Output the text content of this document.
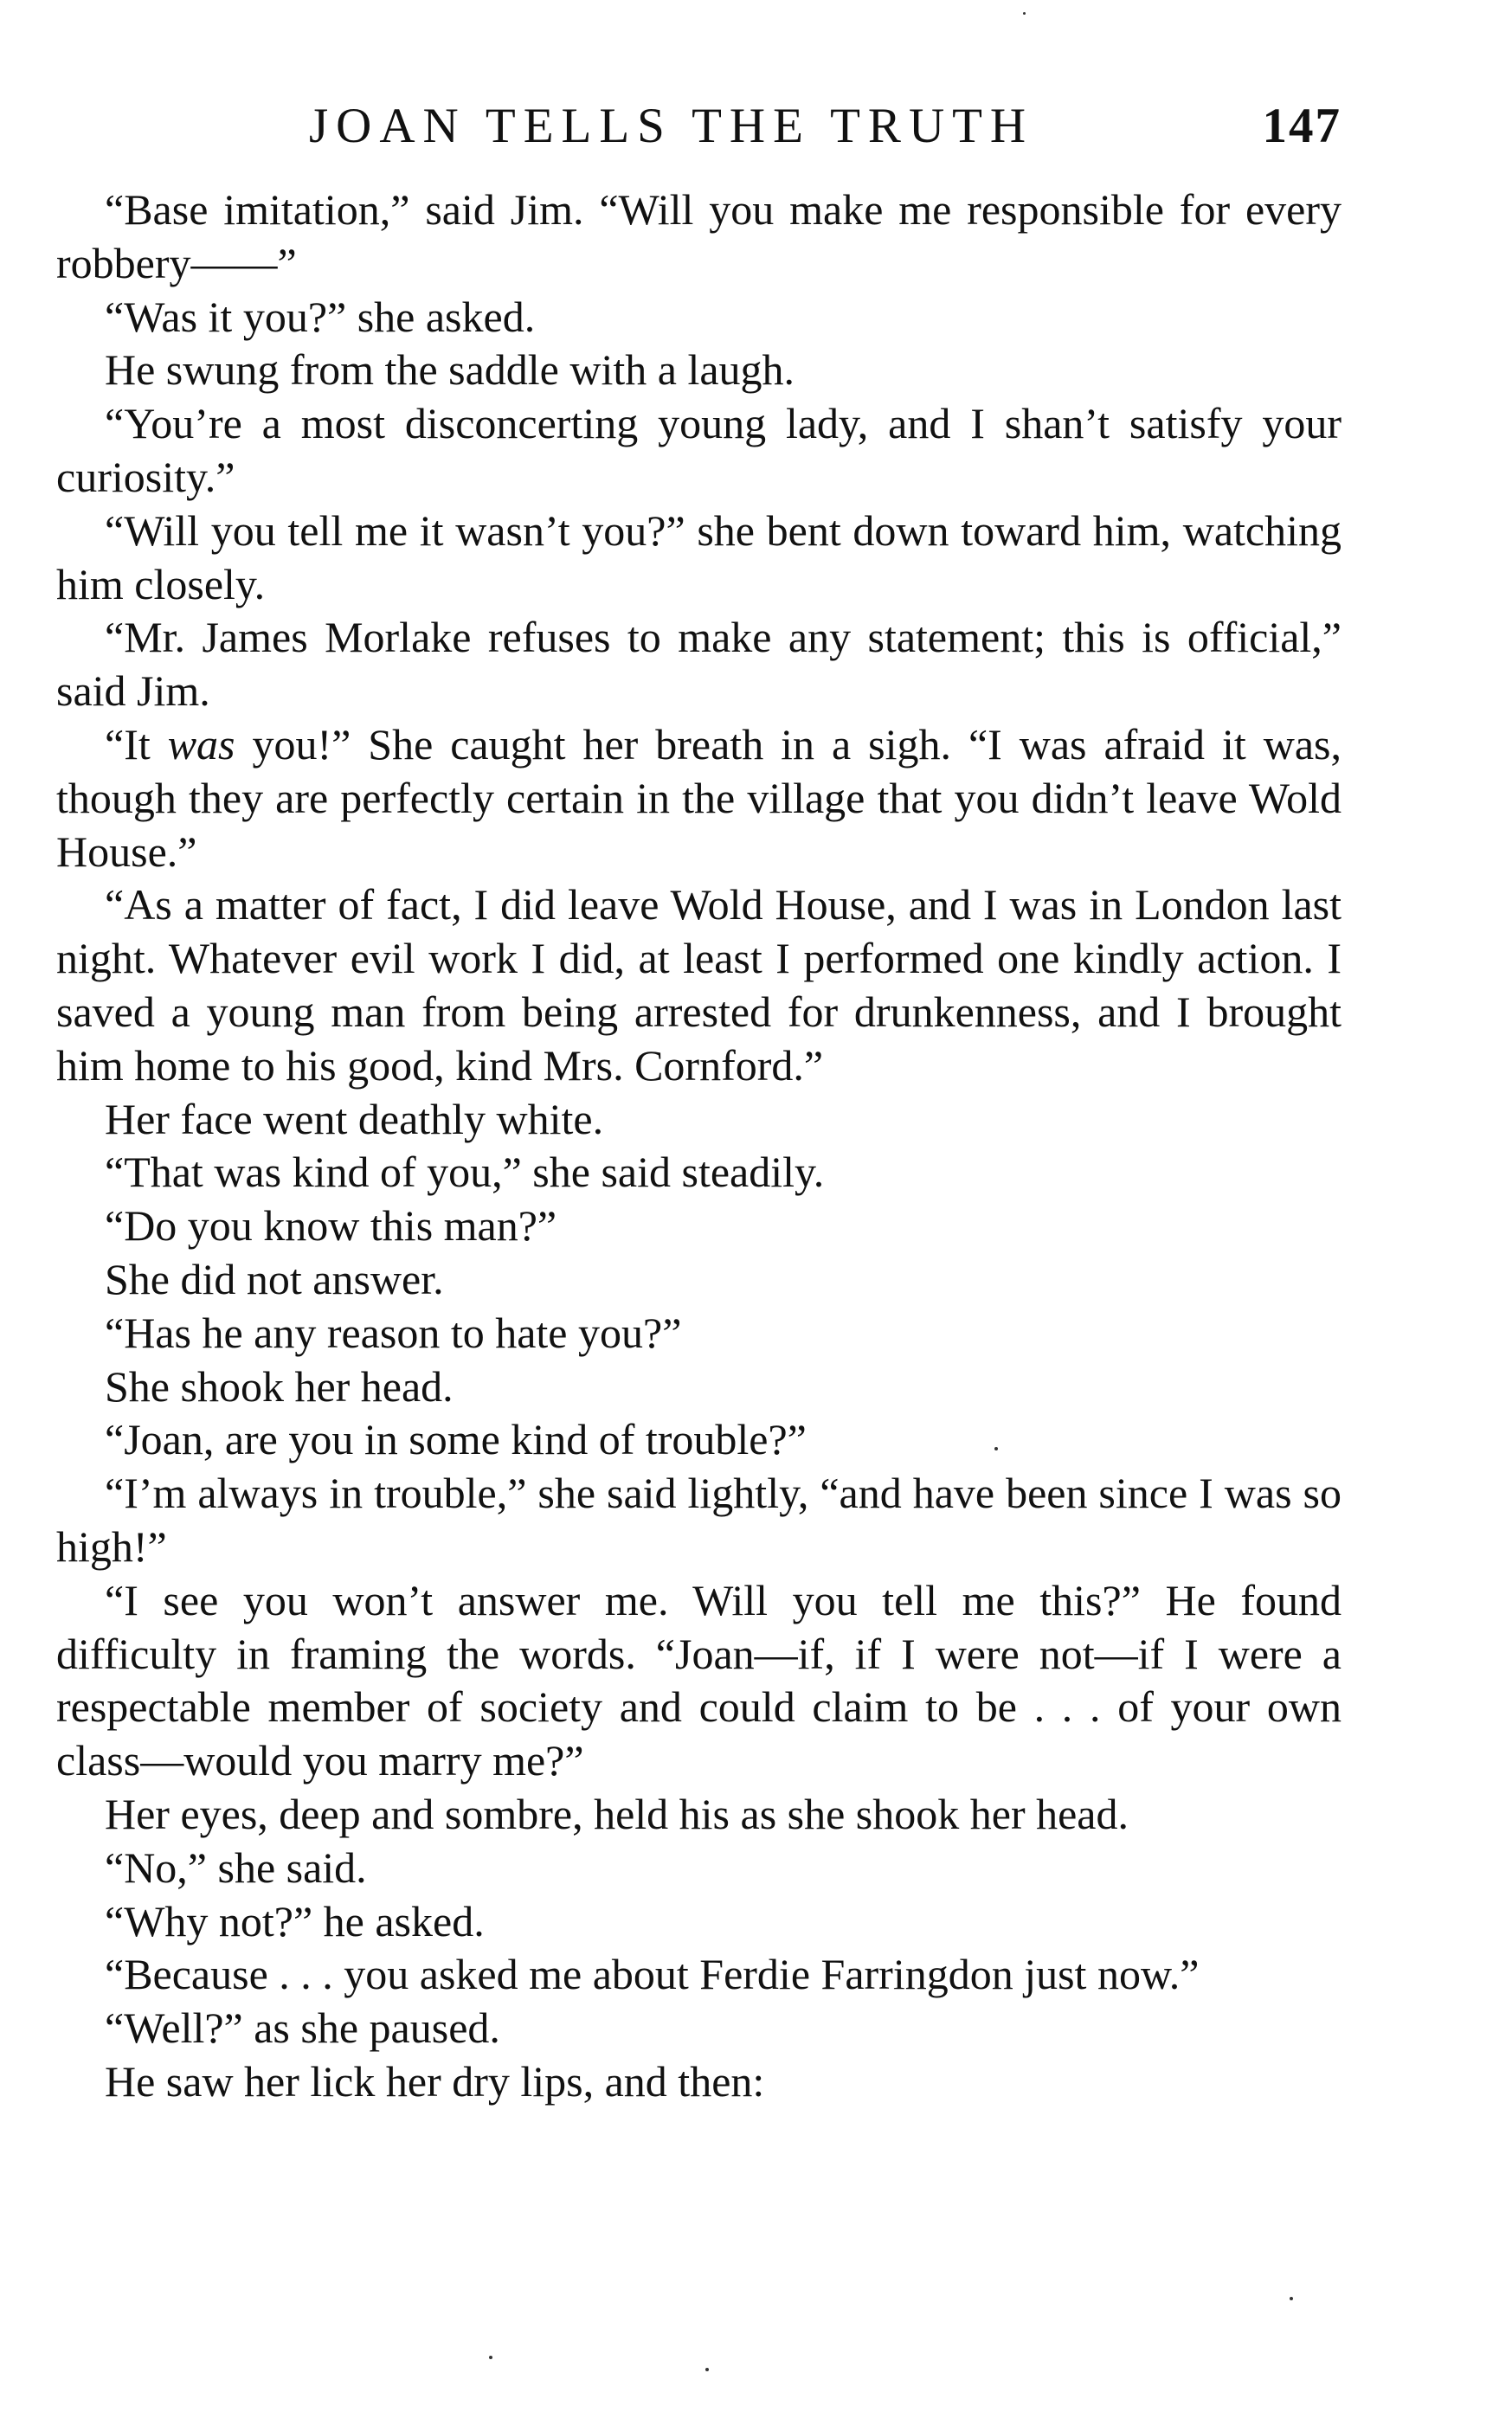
JOAN TELLS THE TRUTH	147

“Base imitation,” said Jim. “Will you make me responsible for every robbery——”

“Was it you?” she asked.

He swung from the saddle with a laugh.

“You’re a most disconcerting young lady, and I shan’t satisfy your curiosity.”

“Will you tell me it wasn’t you?” she bent down toward him, watching him closely.

“Mr. James Morlake refuses to make any statement; this is official,” said Jim.

“It was you!” She caught her breath in a sigh. “I was afraid it was, though they are perfectly certain in the village that you didn’t leave Wold House.”

“As a matter of fact, I did leave Wold House, and I was in London last night. Whatever evil work I did, at least I performed one kindly action. I saved a young man from being arrested for drunkenness, and I brought him home to his good, kind Mrs. Cornford.”

Her face went deathly white.

“That was kind of you,” she said steadily.

“Do you know this man?”

She did not answer.

“Has he any reason to hate you?”

She shook her head.

“Joan, are you in some kind of trouble?”

“I’m always in trouble,” she said lightly, “and have been since I was so high!”

“I see you won’t answer me. Will you tell me this?” He found difficulty in framing the words. “Joan—if, if I were not—if I were a respectable member of society and could claim to be . . . of your own class—would you marry me?”

Her eyes, deep and sombre, held his as she shook her head.

“No,” she said.

“Why not?” he asked.

“Because . . . you asked me about Ferdie Farringdon just now.”

“Well?” as she paused.

He saw her lick her dry lips, and then:
